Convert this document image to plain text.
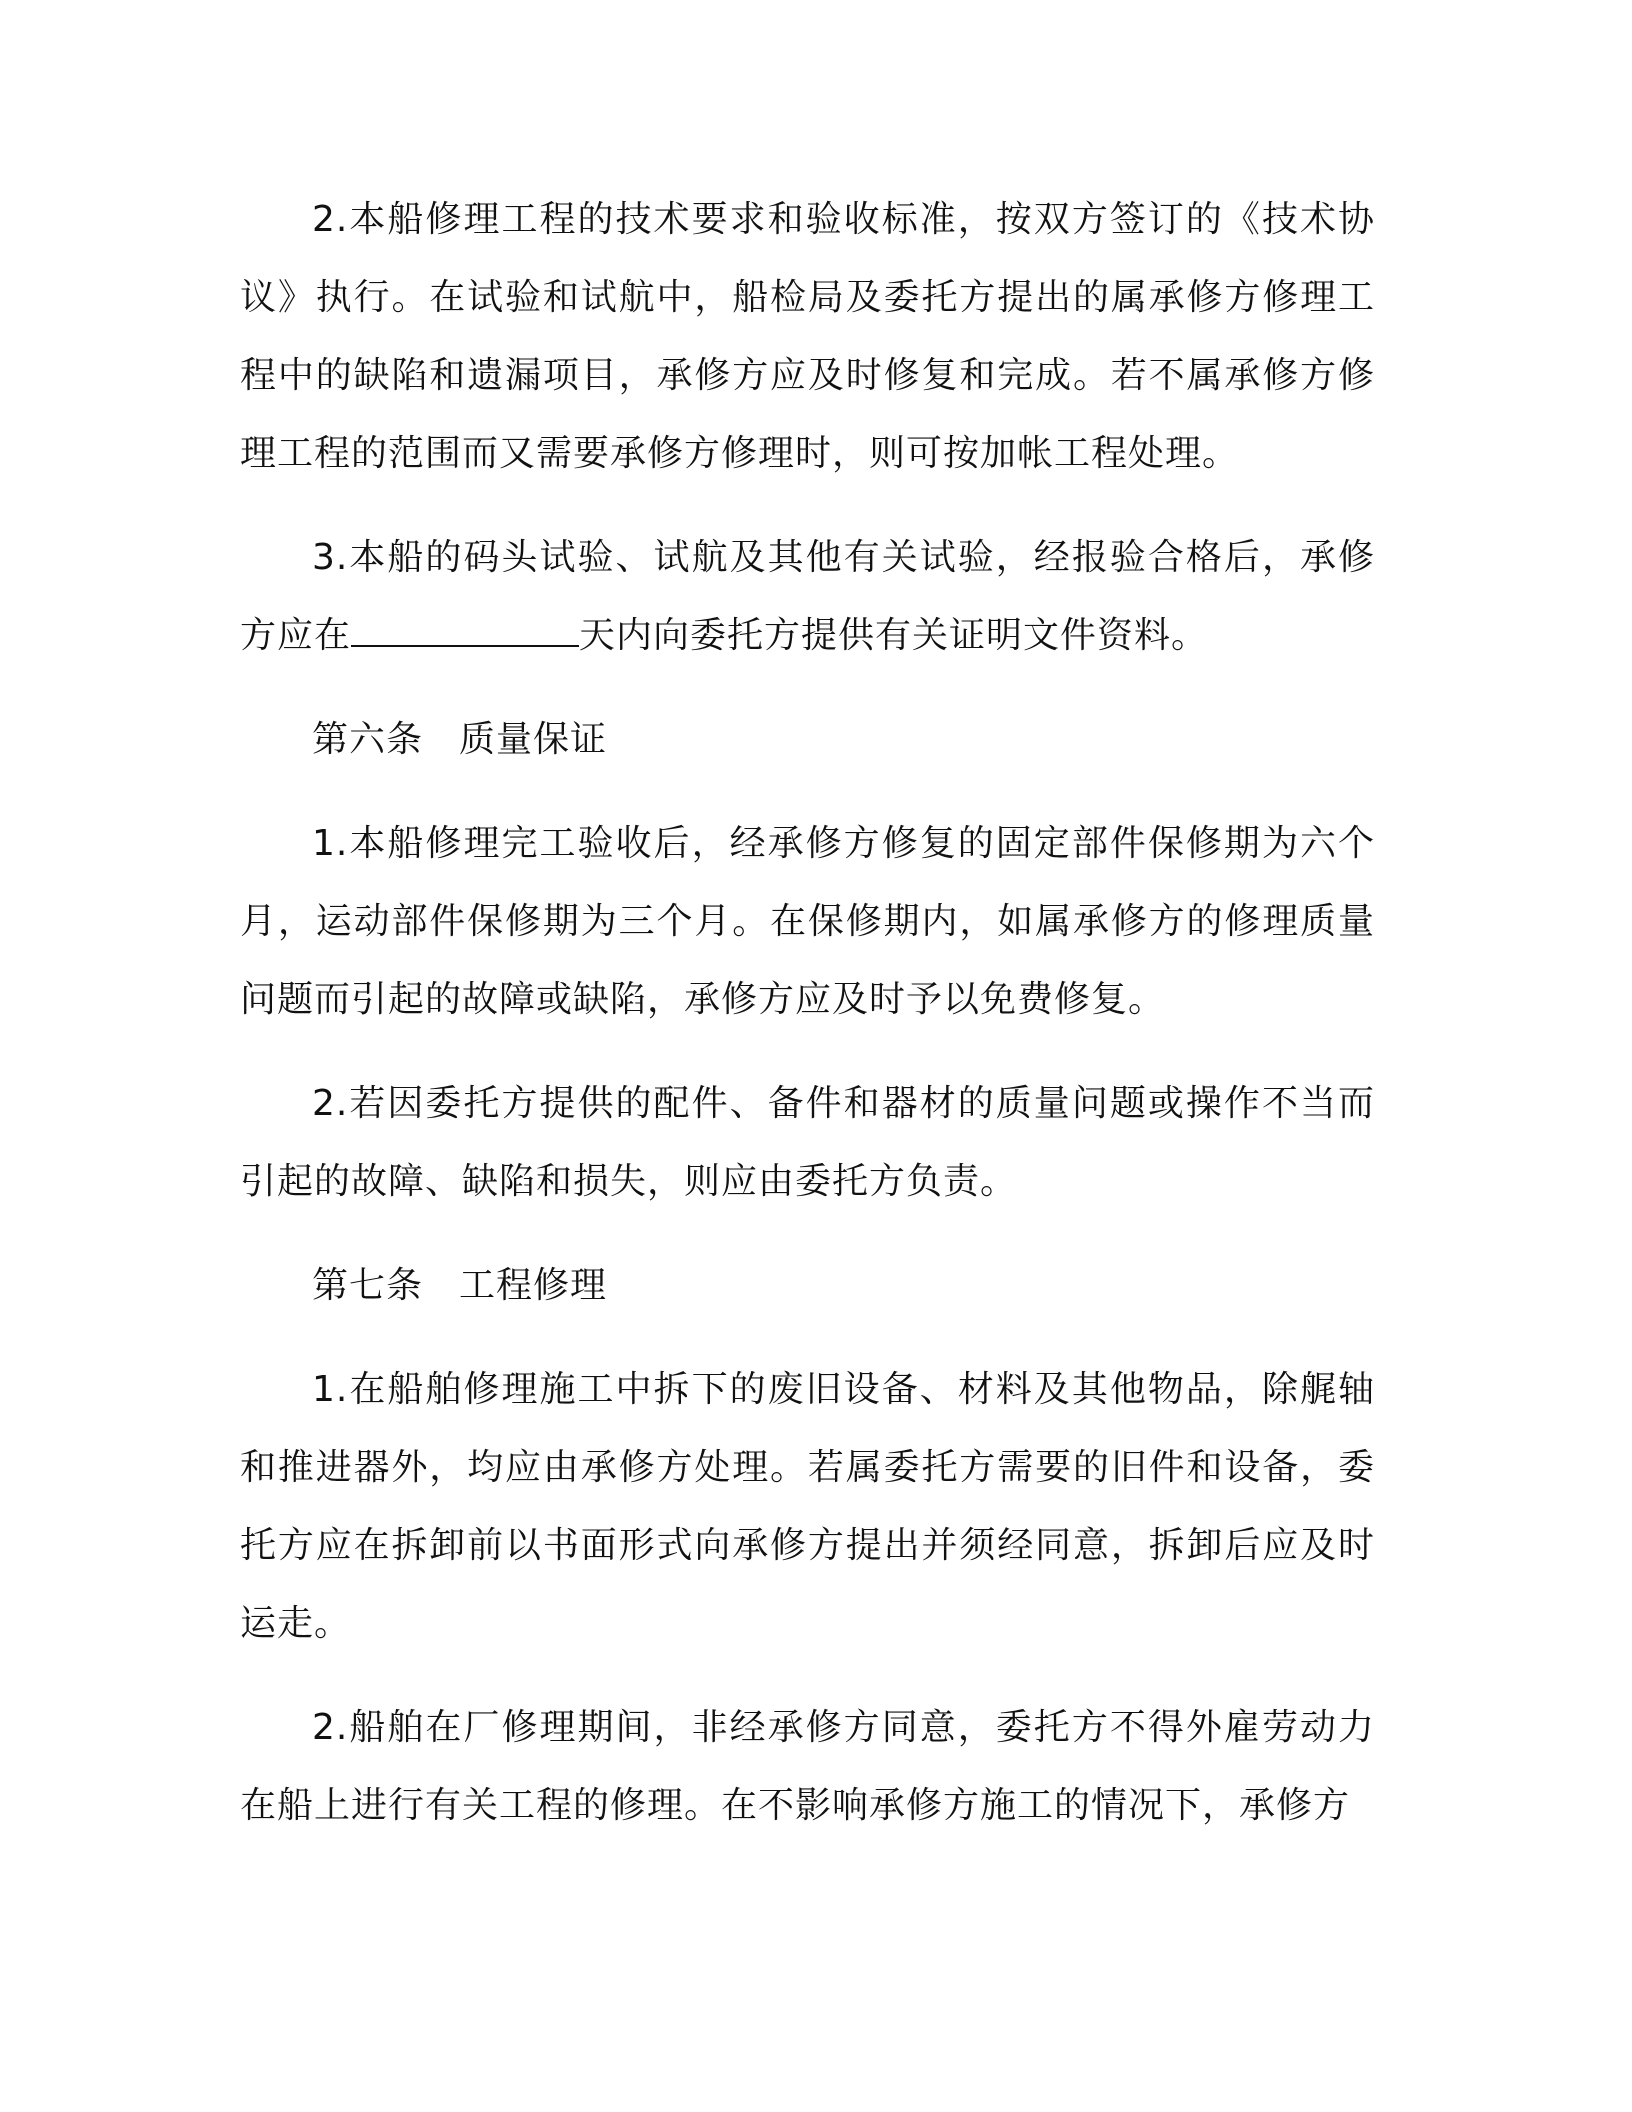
2.本船修理工程的技术要求和验收标准，按双方签订的《技术协议》执行。在试验和试航中，船检局及委托方提出的属承修方修理工程中的缺陷和遗漏项目，承修方应及时修复和完成。若不属承修方修理工程的范围而又需要承修方修理时，则可按加帐工程处理。

3.本船的码头试验、试航及其他有关试验，经报验合格后，承修方应在	天内向委托方提供有关证明文件资料。

第六条 质量保证

1.本船修理完工验收后，经承修方修复的固定部件保修期为六个月，运动部件保修期为三个月。在保修期内，如属承修方的修理质量问题而引起的故障或缺陷，承修方应及时予以免费修复。

2.若因委托方提供的配件、备件和器材的质量问题或操作不当而引起的故障、缺陷和损失，则应由委托方负责。

第七条 工程修理

1.在船舶修理施工中拆下的废旧设备、材料及其他物品，除艉轴和推进器外，均应由承修方处理。若属委托方需要的旧件和设备，委托方应在拆卸前以书面形式向承修方提出并须经同意，拆卸后应及时运走。

2.船舶在厂修理期间，非经承修方同意，委托方不得外雇劳动力在船上进行有关工程的修理。在不影响承修方施工的情况下，承修方
